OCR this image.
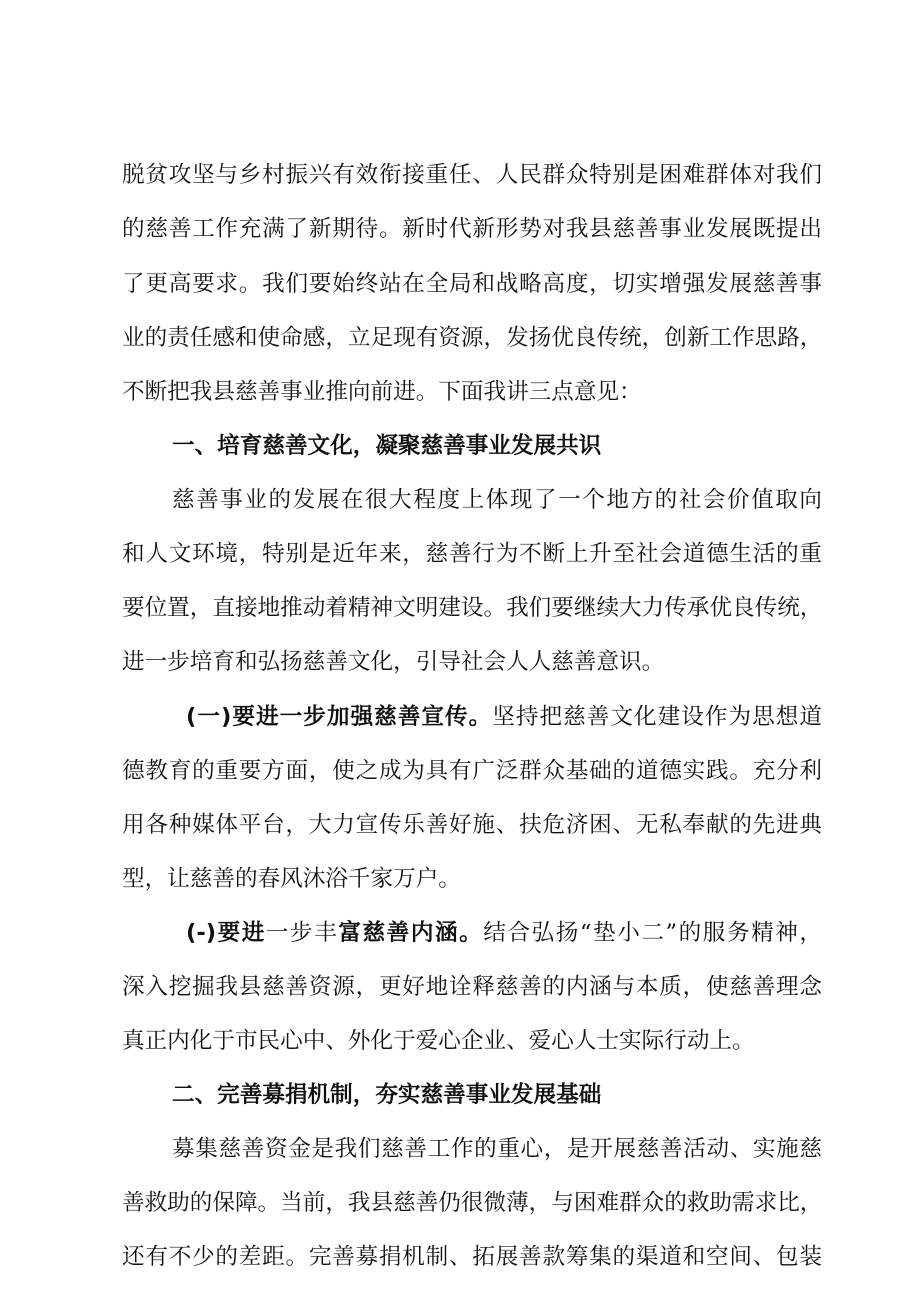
脱贫攻坚与乡村振兴有效衔接重任、人民群众特别是困难群体对我们
的慈善工作充满了新期待。新时代新形势对我县慈善事业发展既提出
了更高要求。我们要始终站在全局和战略高度，切实增强发展慈善事
业的责任感和使命感，立足现有资源，发扬优良传统，创新工作思路，
不断把我县慈善事业推向前进。下面我讲三点意见：
一、培育慈善文化，凝聚慈善事业发展共识
慈善事业的发展在很大程度上体现了一个地方的社会价值取向
和人文环境，特别是近年来，慈善行为不断上升至社会道德生活的重
要位置，直接地推动着精神文明建设。我们要继续大力传承优良传统，
进一步培育和弘扬慈善文化，引导社会人人慈善意识。
(一)要进一步加强慈善宣传。坚持把慈善文化建设作为思想道
德教育的重要方面，使之成为具有广泛群众基础的道德实践。充分利
用各种媒体平台，大力宣传乐善好施、扶危济困、无私奉献的先进典
型，让慈善的春风沐浴千家万户。
(-)要进一步丰富慈善内涵。结合弘扬“垫小二”的服务精神，
深入挖掘我县慈善资源，更好地诠释慈善的内涵与本质，使慈善理念
真正内化于市民心中、外化于爱心企业、爱心人士实际行动上。
二、完善募捐机制，夯实慈善事业发展基础
募集慈善资金是我们慈善工作的重心，是开展慈善活动、实施慈
善救助的保障。当前，我县慈善仍很微薄，与困难群众的救助需求比，
还有不少的差距。完善募捐机制、拓展善款筹集的渠道和空间、包装
